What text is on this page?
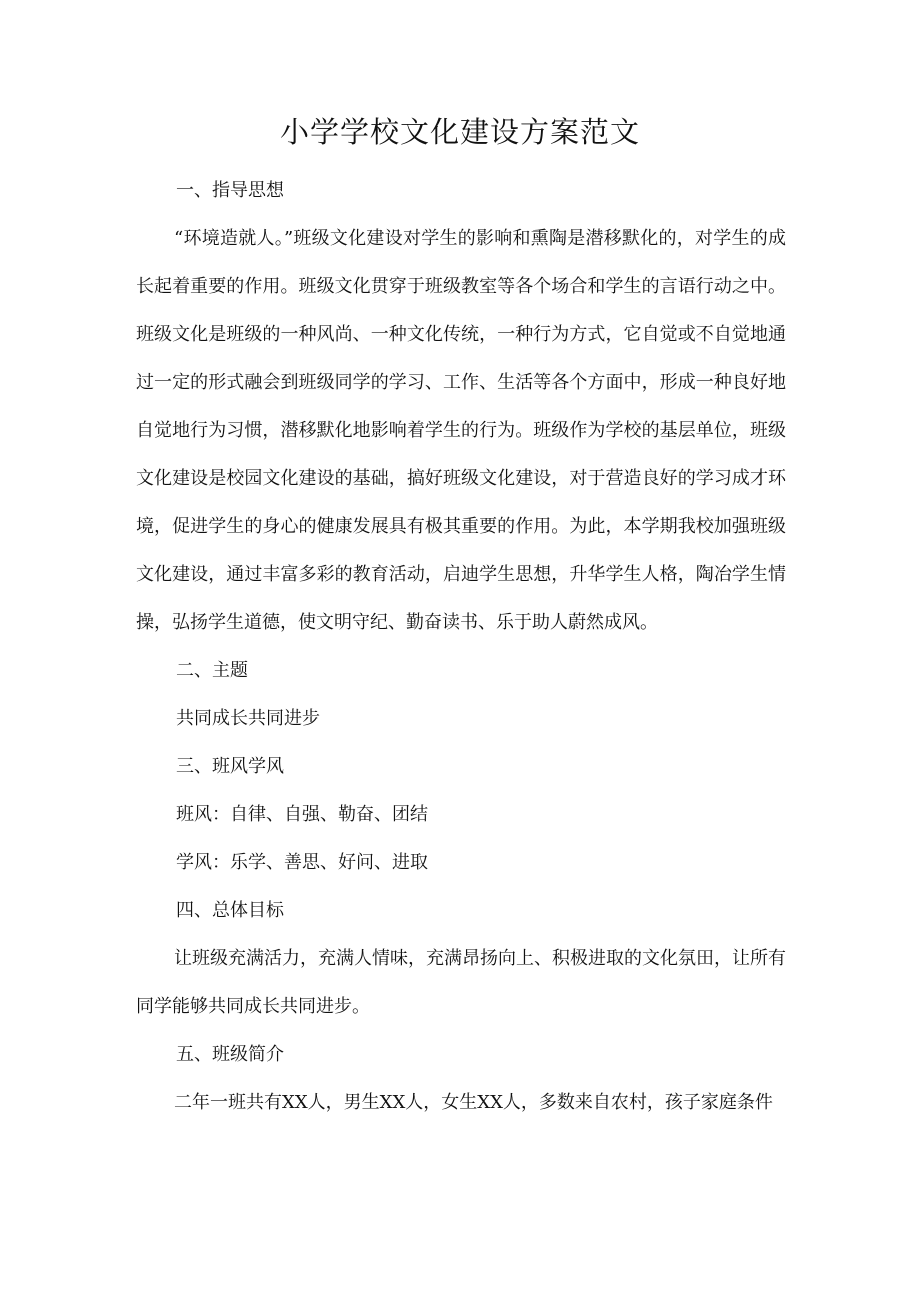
小学学校文化建设方案范文

一、指导思想

“环境造就人。”班级文化建设对学生的影响和熏陶是潜移默化的，对学生的成长起着重要的作用。班级文化贯穿于班级教室等各个场合和学生的言语行动之中。班级文化是班级的一种风尚、一种文化传统，一种行为方式，它自觉或不自觉地通过一定的形式融会到班级同学的学习、工作、生活等各个方面中，形成一种良好地自觉地行为习惯，潜移默化地影响着学生的行为。班级作为学校的基层单位，班级文化建设是校园文化建设的基础，搞好班级文化建设，对于营造良好的学习成才环境，促进学生的身心的健康发展具有极其重要的作用。为此，本学期我校加强班级文化建设，通过丰富多彩的教育活动，启迪学生思想，升华学生人格，陶冶学生情操，弘扬学生道德，使文明守纪、勤奋读书、乐于助人蔚然成风。

二、主题

共同成长共同进步

三、班风学风

班风：自律、自强、勒奋、团结

学风：乐学、善思、好问、进取

四、总体目标

让班级充满活力，充满人情味，充满昂扬向上、积极进取的文化氛田，让所有同学能够共同成长共同进步。

五、班级简介

二年一班共有XX人，男生XX人，女生XX人，多数来自农村，孩子家庭条件
